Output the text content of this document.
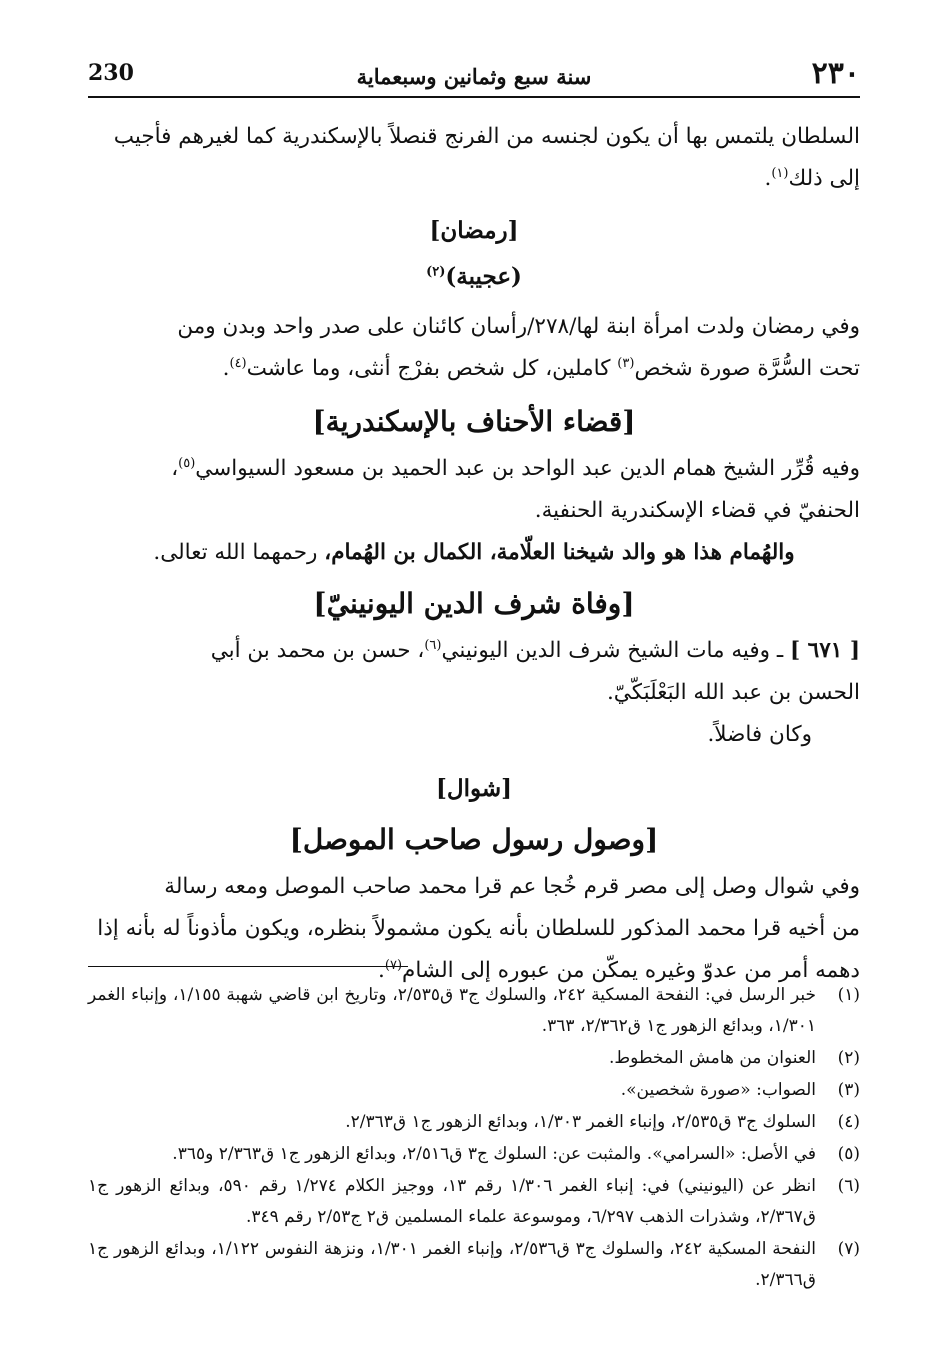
٢٣٠
سنة سبع وثمانين وسبعماية
230

السلطان يلتمس بها أن يكون لجنسه من الفرنج قنصلاً بالإسكندرية كما لغيرهم فأجيب
إلى ذلك$^{(١)}$.

[رمضان]
(عجيبة)$^{(٢)}$

وفي رمضان ولدت امرأة ابنة لها/٢٧٨/رأسان كائنان على صدر واحد وبدن ومن
تحت السُّرَّة صورة شخص$^{(٣)}$ كاملين، كل شخص بفرْج أنثى، وما عاشت$^{(٤)}$.

[قضاء الأحناف بالإسكندرية]

وفيه قُرِّر الشيخ همام الدين عبد الواحد بن عبد الحميد بن مسعود السيواسي$^{(٥)}$،
الحنفيّ في قضاء الإسكندرية الحنفية.

والهُمام هذا هو والد شيخنا العلّامة، الكمال بن الهُمام، رحمهما الله تعالى.

[وفاة شرف الدين اليونينيّ]

[ ٦٧١ ] ـ وفيه مات الشيخ شرف الدين اليونيني$^{(٦)}$، حسن بن محمد بن أبي
الحسن بن عبد الله البَعْلَبَكّيّ.
وكان فاضلاً.

[شوال]
[وصول رسول صاحب الموصل]

وفي شوال وصل إلى مصر قرم خُجا عم قرا محمد صاحب الموصل ومعه رسالة
من أخيه قرا محمد المذكور للسلطان بأنه يكون مشمولاً بنظره، ويكون مأذوناً له بأنه إذا
دهمه أمر من عدوّ وغيره يمكّن من عبوره إلى الشام$^{(٧)}$.

(١)
خبر الرسل في: النفحة المسكية ٢٤٢، والسلوك ج٣ ق٢/٥٣٥، وتاريخ ابن قاضي شهبة ١/١٥٥، وإنباء الغمر ١/٣٠١، وبدائع الزهور ج١ ق٢/٣٦٢، ٣٦٣.
(٢)
العنوان من هامش المخطوط.
(٣)
الصواب: «صورة شخصين».
(٤)
السلوك ج٣ ق٢/٥٣٥، وإنباء الغمر ١/٣٠٣، وبدائع الزهور ج١ ق٢/٣٦٣.
(٥)
في الأصل: «السرامي». والمثبت عن: السلوك ج٣ ق٢/٥١٦، وبدائع الزهور ج١ ق٢/٣٦٣ و٣٦٥.
(٦)
انظر عن (اليونيني) في: إنباء الغمر ١/٣٠٦ رقم ١٣، ووجيز الكلام ١/٢٧٤ رقم ٥٩٠، وبدائع الزهور ج١ ق٢/٣٦٧، وشذرات الذهب ٦/٢٩٧، وموسوعة علماء المسلمين ق٢ ج٢/٥٣ رقم ٣٤٩.
(٧)
النفحة المسكية ٢٤٢، والسلوك ج٣ ق٢/٥٣٦، وإنباء الغمر ١/٣٠١، ونزهة النفوس ١/١٢٢، وبدائع الزهور ج١ ق٢/٣٦٦.
